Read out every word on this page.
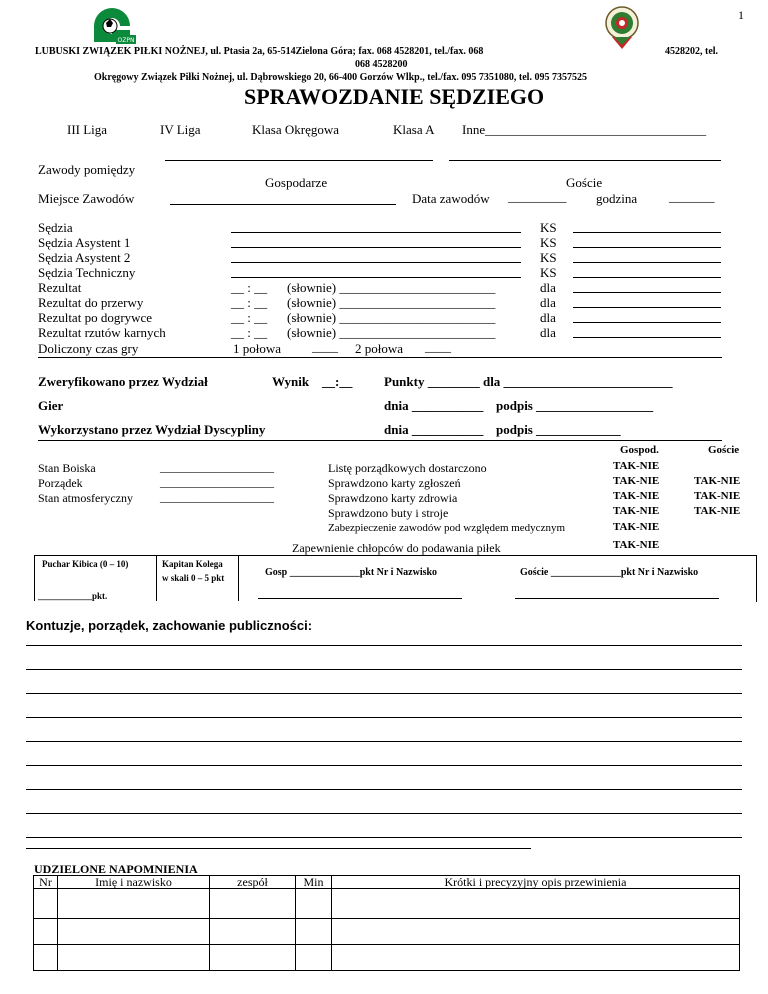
1
OZPN
LUBUSKI ZWIĄZEK PIŁKI NOŻNEJ, ul. Ptasia 2a, 65-514Zielona Góra; fax. 068 4528201, tel./fax. 068	4528202, tel.
068 4528200
Okręgowy Związek Piłki Nożnej, ul. Dąbrowskiego 20, 66-400 Gorzów Wlkp., tel./fax. 095 7351080, tel. 095 7357525
SPRAWOZDANIE SĘDZIEGO
III Liga	IV Liga	Klasa Okręgowa	Klasa A Inne__________________________________
Zawody pomiędzy
Gospodarze	Goście
Miejsce Zawodów	Data zawodów _________ godzina _______
Sędzia	KS
Sędzia Asystent 1	KS
Sędzia Asystent 2	KS
Sędzia Techniczny	KS
Rezultat	__ : __ (słownie) ________________________	dla
Rezultat do przerwy	__ : __ (słownie) ________________________	dla
Rezultat po dogrywce	__ : __ (słownie) ________________________	dla
Rezultat rzutów karnych	__ : __ (słownie) ________________________	dla
Doliczony czas gry	1 połowa ____ 2 połowa ____
Zweryfikowano przez Wydział	Wynik __:__ Punkty ________ dla __________________________
Gier	dnia ___________ podpis __________________
Wykorzystano przez Wydział Dyscypliny	dnia ___________ podpis _____________
Gospod.	Goście
Stan Boiska	___________________
Porządek	___________________
Stan atmosferyczny ___________________
Listę porządkowych dostarczono	TAK-NIE
Sprawdzono karty zgłoszeń	TAK-NIE	TAK-NIE
Sprawdzono karty zdrowia	TAK-NIE	TAK-NIE
Sprawdzono buty i stroje	TAK-NIE	TAK-NIE
Zabezpieczenie zawodów pod względem medycznym	TAK-NIE
Zapewnienie chłopców do podawania piłek	TAK-NIE
Puchar Kibica (0 – 10)
____________pkt.
Kapitan Kolega
w skali 0 – 5 pkt	Gosp ______________pkt Nr i Nazwisko	Goście ______________pkt Nr i Nazwisko
Kontuzje, porządek, zachowanie publiczności:
UDZIELONE NAPOMNIENIA
Nr	Imię i nazwisko	zespół	Min	Krótki i precyzyjny opis przewinienia
